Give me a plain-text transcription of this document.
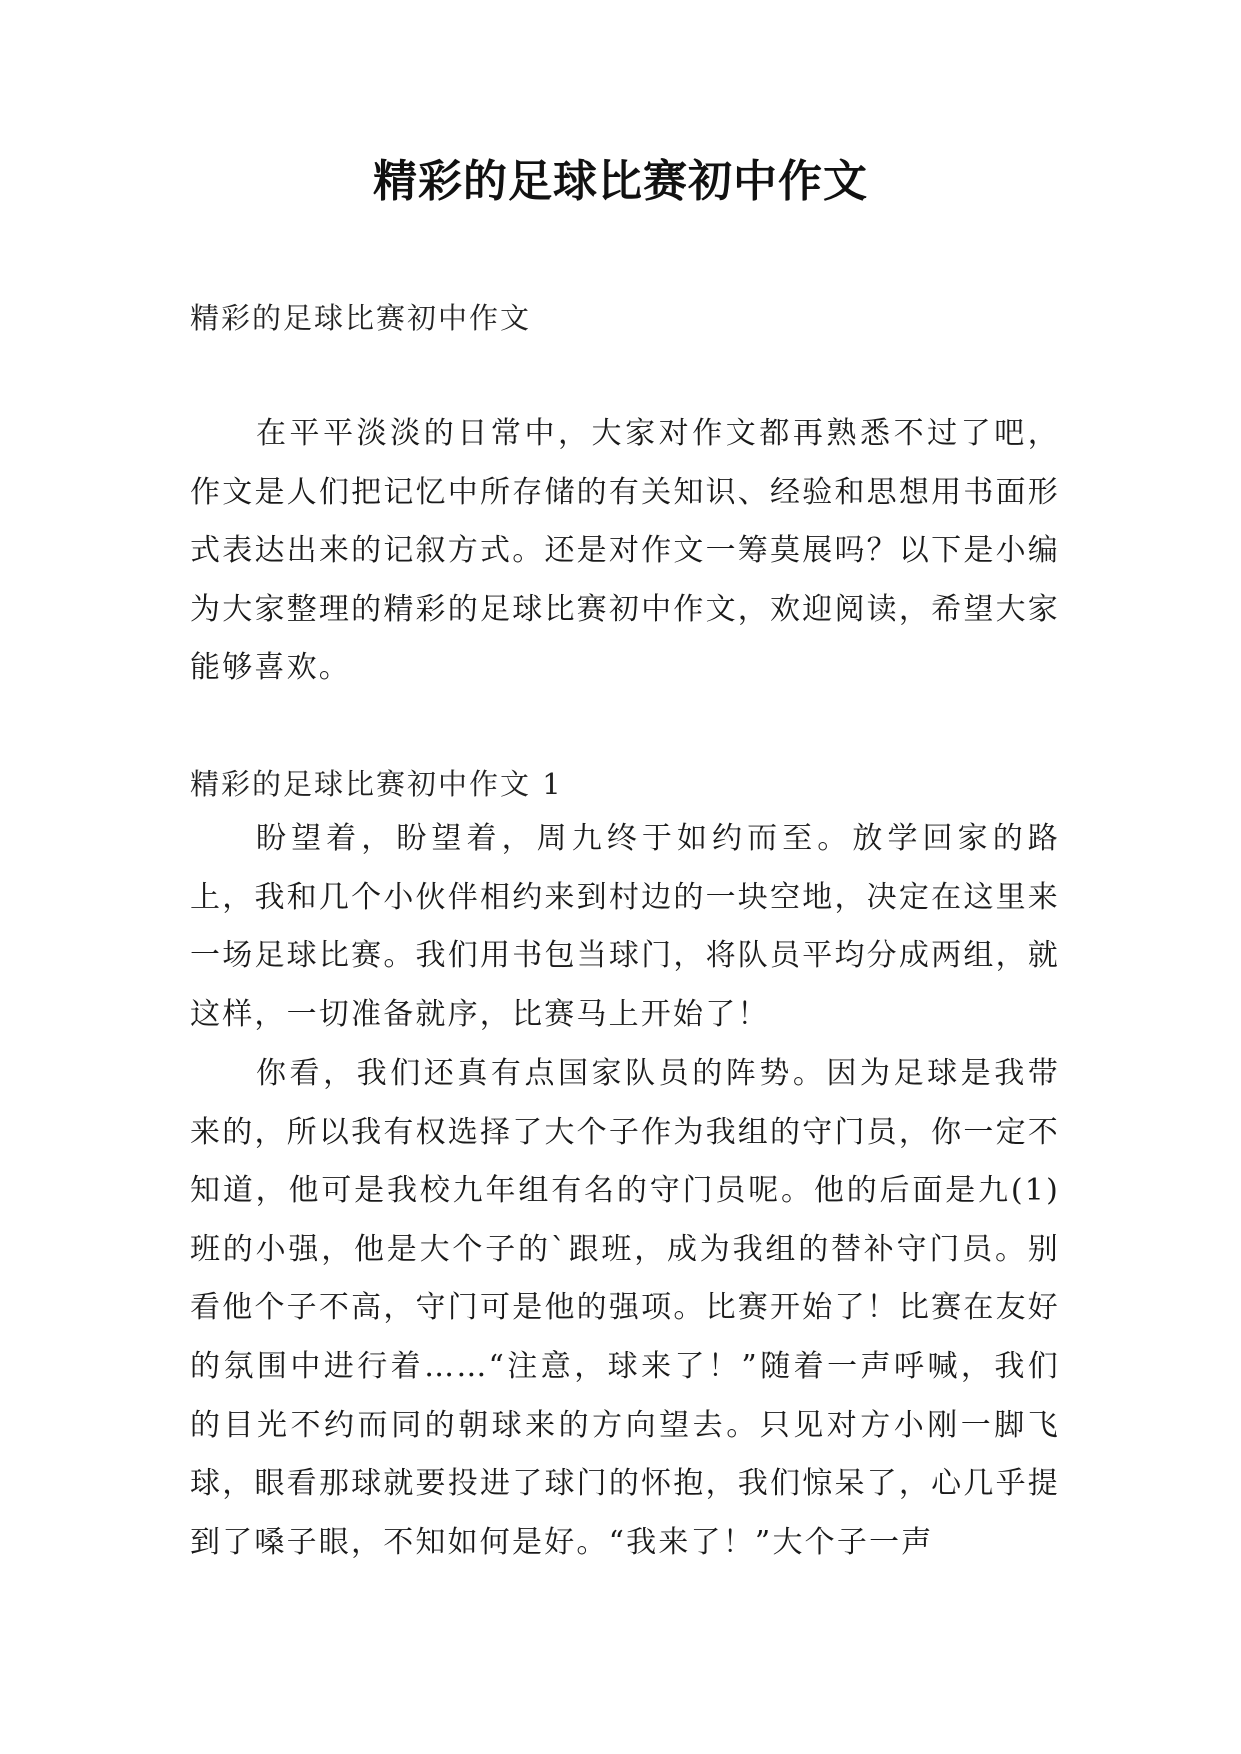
精彩的足球比赛初中作文

精彩的足球比赛初中作文

在平平淡淡的日常中，大家对作文都再熟悉不过了吧，作文是人们把记忆中所存储的有关知识、经验和思想用书面形式表达出来的记叙方式。还是对作文一筹莫展吗？以下是小编为大家整理的精彩的足球比赛初中作文，欢迎阅读，希望大家能够喜欢。

精彩的足球比赛初中作文 1

盼望着，盼望着，周九终于如约而至。放学回家的路上，我和几个小伙伴相约来到村边的一块空地，决定在这里来一场足球比赛。我们用书包当球门，将队员平均分成两组，就这样，一切准备就序，比赛马上开始了！

你看，我们还真有点国家队员的阵势。因为足球是我带来的，所以我有权选择了大个子作为我组的守门员，你一定不知道，他可是我校九年组有名的守门员呢。他的后面是九(1)班的小强，他是大个子的`跟班，成为我组的替补守门员。别看他个子不高，守门可是他的强项。比赛开始了！比赛在友好的氛围中进行着……“注意，球来了！”随着一声呼喊，我们的目光不约而同的朝球来的方向望去。只见对方小刚一脚飞球，眼看那球就要投进了球门的怀抱，我们惊呆了，心几乎提到了嗓子眼，不知如何是好。“我来了！”大个子一声
